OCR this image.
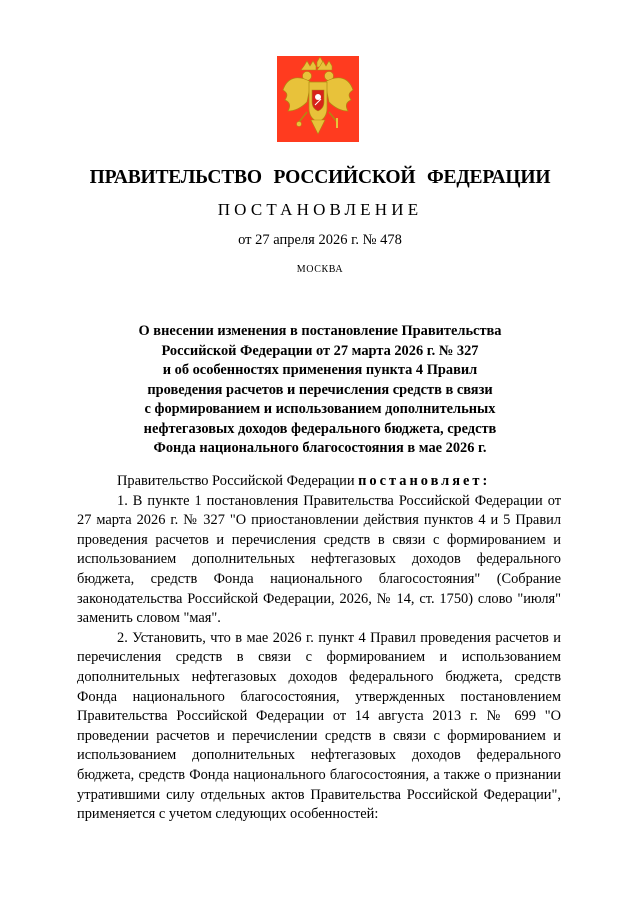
ПРАВИТЕЛЬСТВО РОССИЙСКОЙ ФЕДЕРАЦИИ
ПОСТАНОВЛЕНИЕ
от 27 апреля 2026 г. № 478
МОСКВА
О внесении изменения в постановление Правительства
Российской Федерации от 27 марта 2026 г. № 327
и об особенностях применения пункта 4 Правил
проведения расчетов и перечисления средств в связи
с формированием и использованием дополнительных
нефтегазовых доходов федерального бюджета, средств
Фонда национального благосостояния в мае 2026 г.

Правительство Российской Федерации постановляет:

1. В пункте 1 постановления Правительства Российской Федерации от 27 марта 2026 г. № 327 "О приостановлении действия пунктов 4 и 5 Правил проведения расчетов и перечисления средств в связи с формированием и использованием дополнительных нефтегазовых доходов федерального бюджета, средств Фонда национального благосостояния" (Собрание законодательства Российской Федерации, 2026, № 14, ст. 1750) слово "июля" заменить словом "мая".

2. Установить, что в мае 2026 г. пункт 4 Правил проведения расчетов и перечисления средств в связи с формированием и использованием дополнительных нефтегазовых доходов федерального бюджета, средств Фонда национального благосостояния, утвержденных постановлением Правительства Российской Федерации от 14 августа 2013 г. № 699 "О проведении расчетов и перечислении средств в связи с формированием и использованием дополнительных нефтегазовых доходов федерального бюджета, средств Фонда национального благосостояния, а также о признании утратившими силу отдельных актов Правительства Российской Федерации", применяется с учетом следующих особенностей:
